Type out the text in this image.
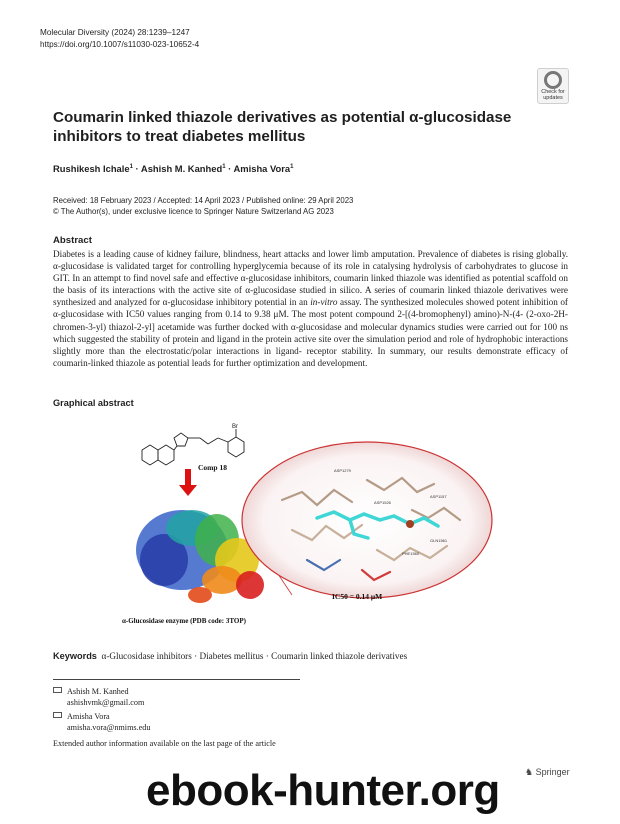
Molecular Diversity (2024) 28:1239–1247
https://doi.org/10.1007/s11030-023-10652-4
Check for
updates
Coumarin linked thiazole derivatives as potential α-glucosidase inhibitors to treat diabetes mellitus
Rushikesh Ichale$^1$ · Ashish M. Kanhed$^1$ · Amisha Vora$^1$
Received: 18 February 2023 / Accepted: 14 April 2023 / Published online: 29 April 2023
© The Author(s), under exclusive licence to Springer Nature Switzerland AG 2023
Abstract
Diabetes is a leading cause of kidney failure, blindness, heart attacks and lower limb amputation. Prevalence of diabetes is rising globally. α-glucosidase is validated target for controlling hyperglycemia because of its role in catalysing hydrolysis of carbohydrates to glucose in GIT. In an attempt to find novel safe and effective α-glucosidase inhibitors, coumarin linked thiazole was identified as potential scaffold on the basis of its interactions with the active site of α-glucosidase studied in silico. A series of coumarin linked thiazole derivatives were synthesized and analyzed for α-glucosidase inhibitory potential in an in-vitro assay. The synthesized molecules showed potent inhibition of α-glucosidase with IC50 values ranging from 0.14 to 9.38 μM. The most potent compound 2-[(4-bromophenyl) amino)-N-(4- (2-oxo-2H-chromen-3-yl) thiazol-2-yl] acetamide was further docked with α-glucosidase and molecular dynamics studies were carried out for 100 ns which suggested the stability of protein and ligand in the protein active site over the simulation period and role of hydrophobic interactions slightly more than the electrostatic/polar interactions in ligand- receptor stability. In summary, our results demonstrate efficacy of coumarin-linked thiazole as potential leads for further optimization and development.
Graphical abstract
Br
Comp 18	ASP1279
ASP1157
ASP1526
PHE1560
GLN1561
IC50 = 0.14 μM
α-Glucosidase enzyme (PDB code: 3TOP)
Keywords α-Glucosidase inhibitors · Diabetes mellitus · Coumarin linked thiazole derivatives
Ashish M. Kanhed
ashishvmk@gmail.com
Amisha Vora
amisha.vora@nmims.edu
Extended author information available on the last page of the article
♞ Springer
ebook-hunter.org
